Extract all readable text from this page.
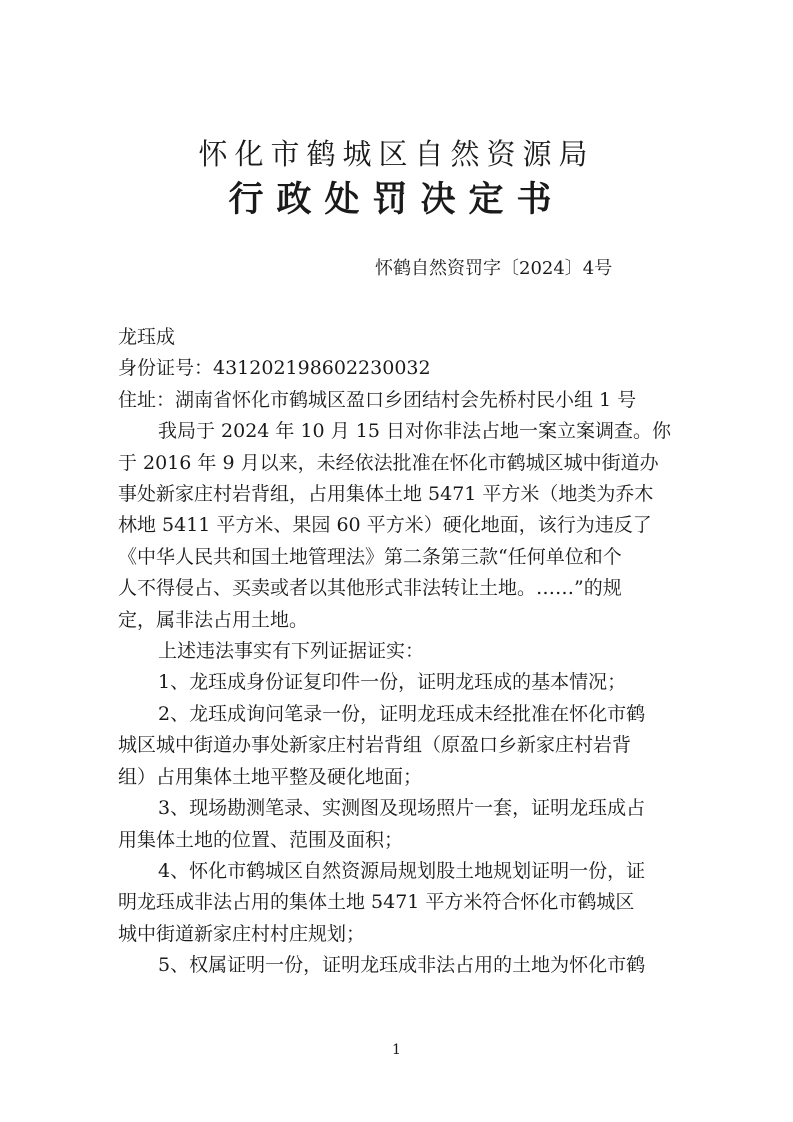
怀化市鹤城区自然资源局
行政处罚决定书
怀鹤自然资罚字〔2024〕4号

龙珏成

身份证号：431202198602230032

住址：湖南省怀化市鹤城区盈口乡团结村会先桥村民小组 1 号

我局于 2024 年 10 月 15 日对你非法占地一案立案调查。你

于 2016 年 9 月以来，未经依法批准在怀化市鹤城区城中街道办

事处新家庄村岩背组，占用集体土地 5471 平方米（地类为乔木

林地 5411 平方米、果园 60 平方米）硬化地面，该行为违反了

《中华人民共和国土地管理法》第二条第三款“任何单位和个

人不得侵占、买卖或者以其他形式非法转让土地。……”的规

定，属非法占用土地。

上述违法事实有下列证据证实：

1、龙珏成身份证复印件一份，证明龙珏成的基本情况；

2、龙珏成询问笔录一份，证明龙珏成未经批准在怀化市鹤

城区城中街道办事处新家庄村岩背组（原盈口乡新家庄村岩背

组）占用集体土地平整及硬化地面；

3、现场勘测笔录、实测图及现场照片一套，证明龙珏成占

用集体土地的位置、范围及面积；

4、怀化市鹤城区自然资源局规划股土地规划证明一份，证

明龙珏成非法占用的集体土地 5471 平方米符合怀化市鹤城区

城中街道新家庄村村庄规划；

5、权属证明一份，证明龙珏成非法占用的土地为怀化市鹤

1
